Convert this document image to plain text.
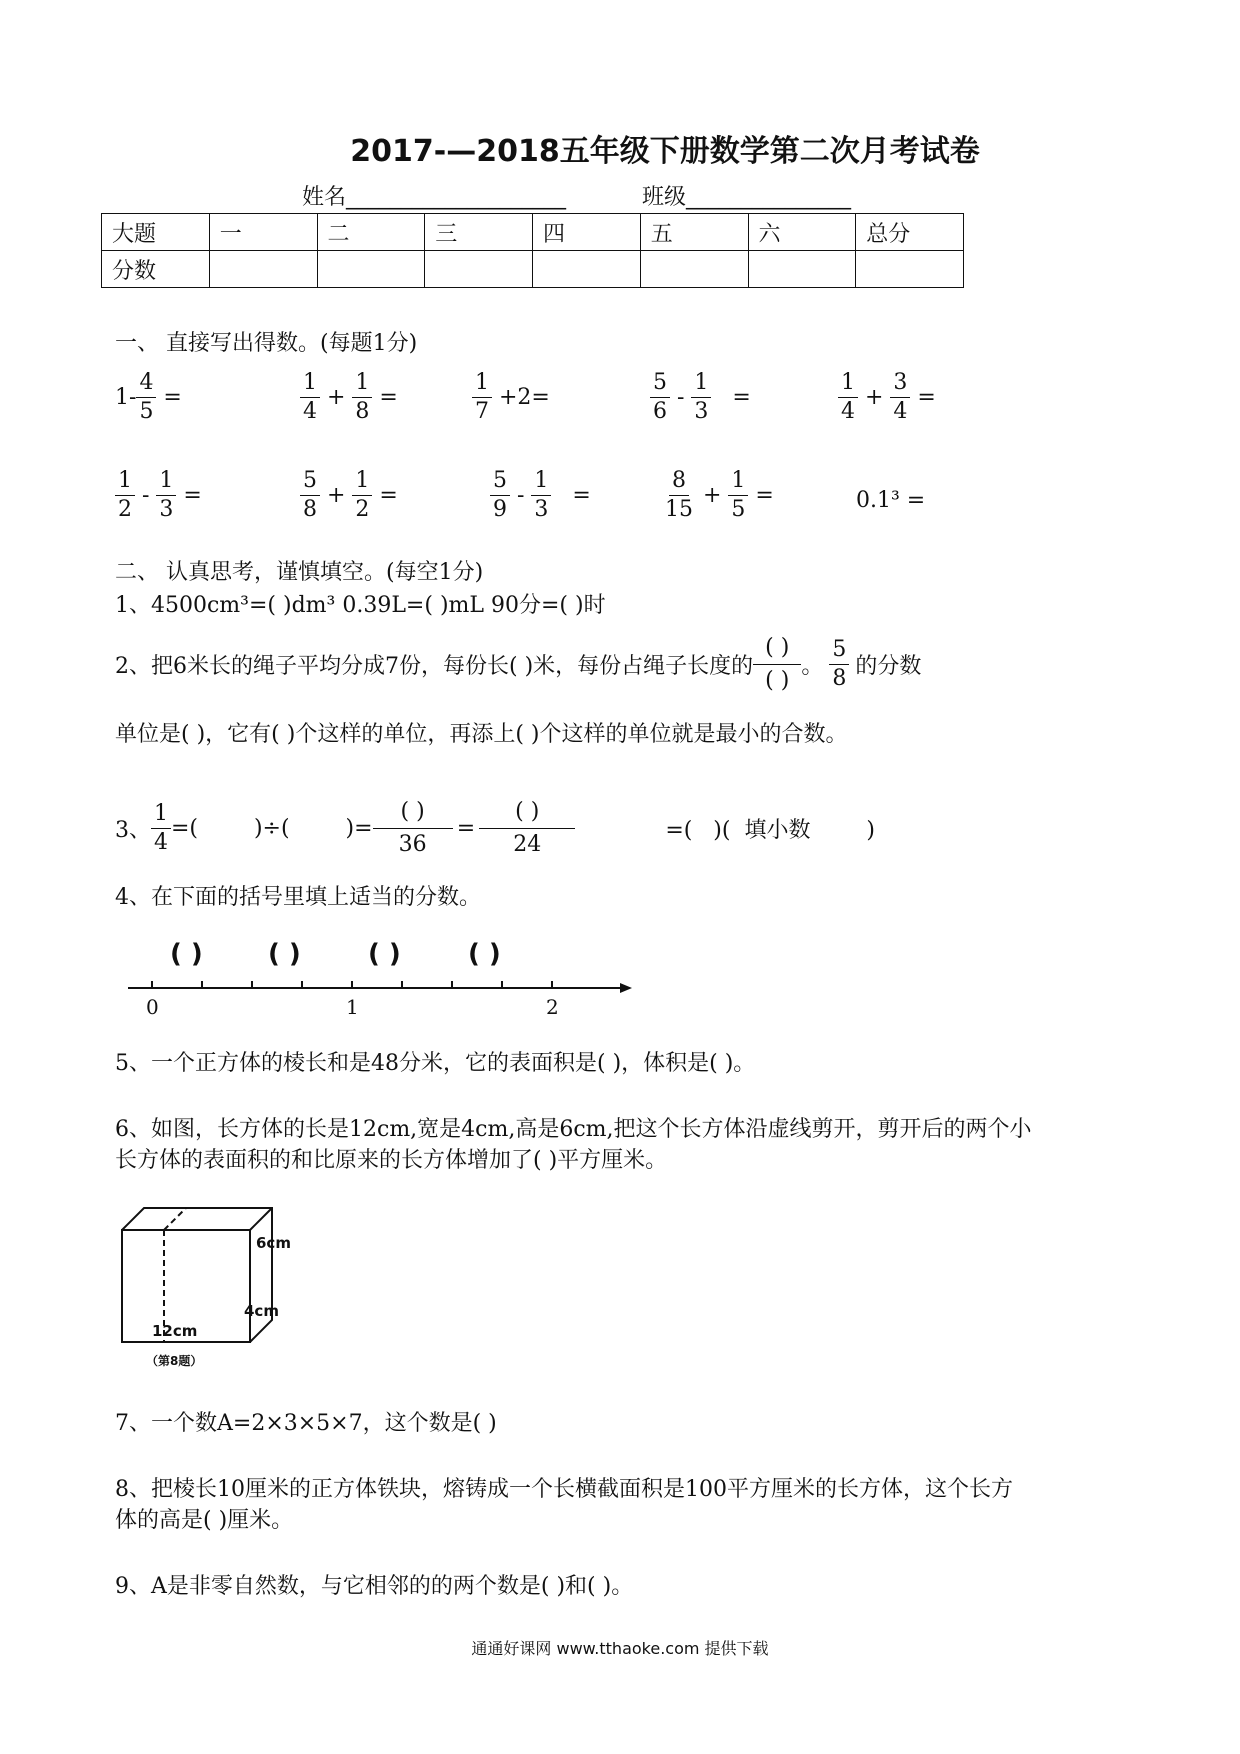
2017-—2018五年级下册数学第二次月考试卷
姓名____________________	班级_______________
大题	一	二	三	四	五	六	总分
分数							
一、 直接写出得数。(每题1分)
$1- \frac{4}{5}$ =	$\frac{1}{4} + \frac{1}{8}$ =	$\frac{1}{7} +2=$	$\frac{5}{6} - \frac{1}{3}$ =	$\frac{1}{4} + \frac{3}{4}$ =
$\frac{1}{2} - \frac{1}{3}$ =	$\frac{5}{8} + \frac{1}{2}$ =	$\frac{5}{9} - \frac{1}{3}$ =	$\frac{8}{15} + \frac{1}{5}$ =	0.1³ =
二、 认真思考，谨慎填空。(每空1分)
1、4500cm³=( )dm³ 0.39L=( )mL 90分=( )时
2、把6米长的绳子平均分成7份，每份长( )米，每份占绳子长度的
( )
( )
。 $\frac{5}{8}$ 的分数
单位是( )，它有( )个这样的单位，再添上( )个这样的单位就是最小的合数。
3、 $\frac{1}{4}$ =(        )÷(        )=
( )
36
=
( )
24
=(   )(  填小数        )
4、在下面的括号里填上适当的分数。
( )	( )	( )	( )
0	1	2
5、一个正方体的棱长和是48分米，它的表面积是( )，体积是( )。
6、如图，长方体的长是12cm,宽是4cm,高是6cm,把这个长方体沿虚线剪开，剪开后的两个小
长方体的表面积的和比原来的长方体增加了( )平方厘米。
6cm
4cm
12cm
（第8题）
7、一个数A=2×3×5×7，这个数是( )
8、把棱长10厘米的正方体铁块，熔铸成一个长横截面积是100平方厘米的长方体，这个长方
体的高是( )厘米。
9、A是非零自然数，与它相邻的的两个数是( )和( )。
通通好课网 www.tthaoke.com 提供下载
